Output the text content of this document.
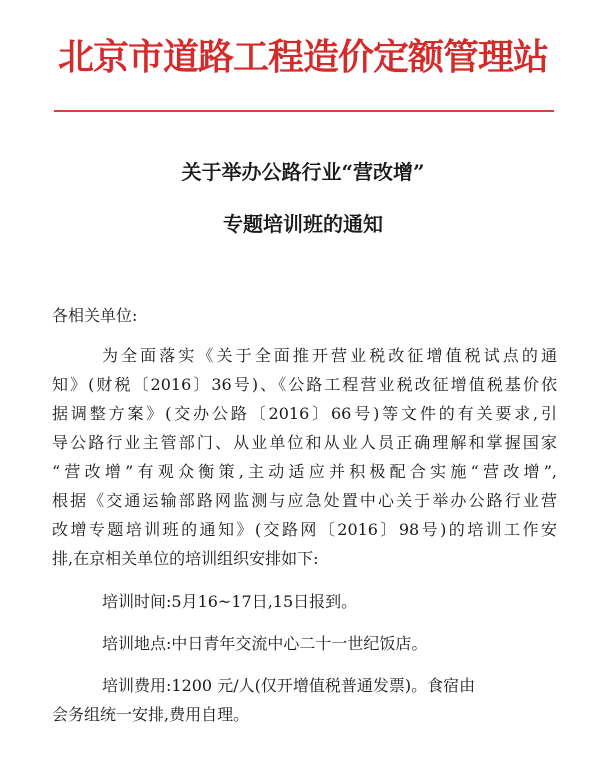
北京市道路工程造价定额管理站
关于举办公路行业“营改增”
专题培训班的通知
各相关单位:
为全面落实《关于全面推开营业税改征增值税试点的通
知》(财税〔2016〕36号)、《公路工程营业税改征增值税基价依
据调整方案》(交办公路〔2016〕66号)等文件的有关要求,引
导公路行业主管部门、从业单位和从业人员正确理解和掌握国家
“营改增”有观众衡策,主动适应并积极配合实施“营改增”,
根据《交通运输部路网监测与应急处置中心关于举办公路行业营
改增专题培训班的通知》(交路网〔2016〕98号)的培训工作安
排,在京相关单位的培训组织安排如下:
培训时间:5月16~17日,15日报到。
培训地点:中日青年交流中心二十一世纪饭店。
培训费用:1200 元/人(仅开增值税普通发票)。食宿由
会务组统一安排,费用自理。
